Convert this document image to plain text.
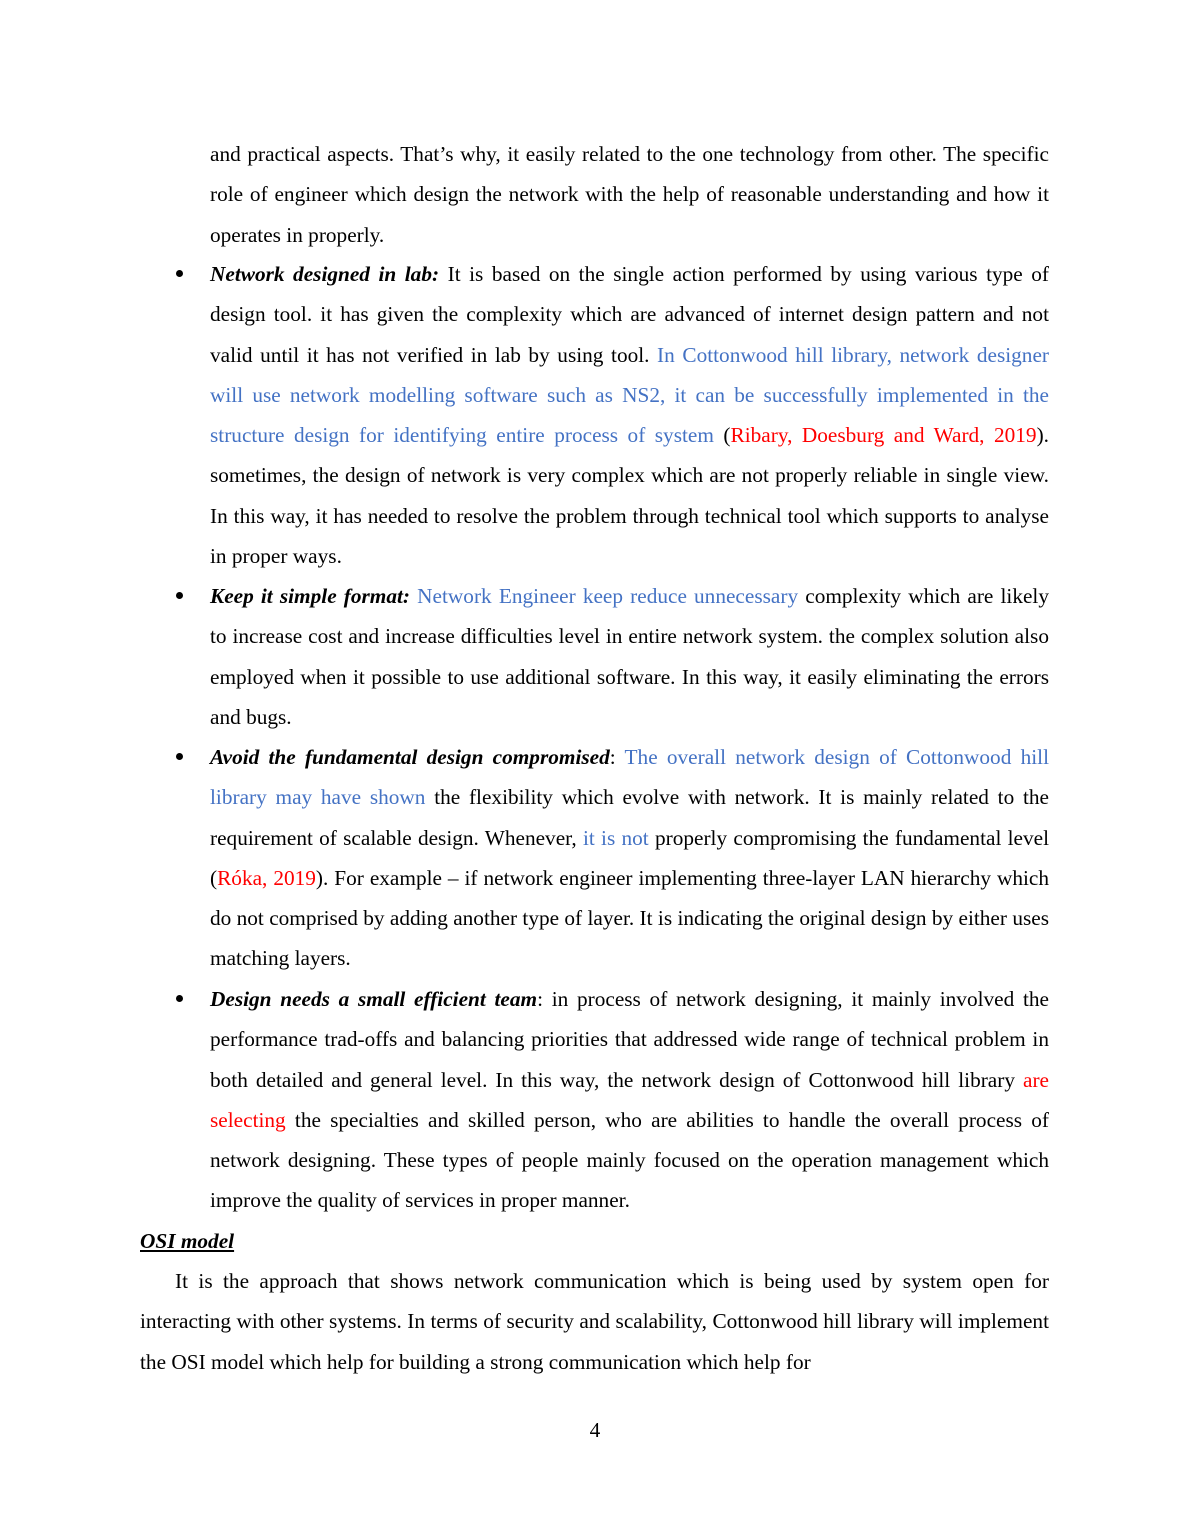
and practical aspects. That’s why, it easily related to the one technology from other. The specific role of engineer which design the network with the help of reasonable understanding and how it operates in properly.

Network designed in lab: It is based on the single action performed by using various type of design tool. it has given the complexity which are advanced of internet design pattern and not valid until it has not verified in lab by using tool. In Cottonwood hill library, network designer will use network modelling software such as NS2, it can be successfully implemented in the structure design for identifying entire process of system (Ribary, Doesburg and Ward, 2019). sometimes, the design of network is very complex which are not properly reliable in single view. In this way, it has needed to resolve the problem through technical tool which supports to analyse in proper ways.

Keep it simple format: Network Engineer keep reduce unnecessary complexity which are likely to increase cost and increase difficulties level in entire network system. the complex solution also employed when it possible to use additional software. In this way, it easily eliminating the errors and bugs.

Avoid the fundamental design compromised: The overall network design of Cottonwood hill library may have shown the flexibility which evolve with network. It is mainly related to the requirement of scalable design. Whenever, it is not properly compromising the fundamental level (Róka, 2019). For example – if network engineer implementing three-layer LAN hierarchy which do not comprised by adding another type of layer. It is indicating the original design by either uses matching layers.

Design needs a small efficient team: in process of network designing, it mainly involved the performance trad-offs and balancing priorities that addressed wide range of technical problem in both detailed and general level. In this way, the network design of Cottonwood hill library are selecting the specialties and skilled person, who are abilities to handle the overall process of network designing. These types of people mainly focused on the operation management which improve the quality of services in proper manner.

OSI model

It is the approach that shows network communication which is being used by system open for interacting with other systems. In terms of security and scalability, Cottonwood hill library will implement the OSI model which help for building a strong communication which help for

4
